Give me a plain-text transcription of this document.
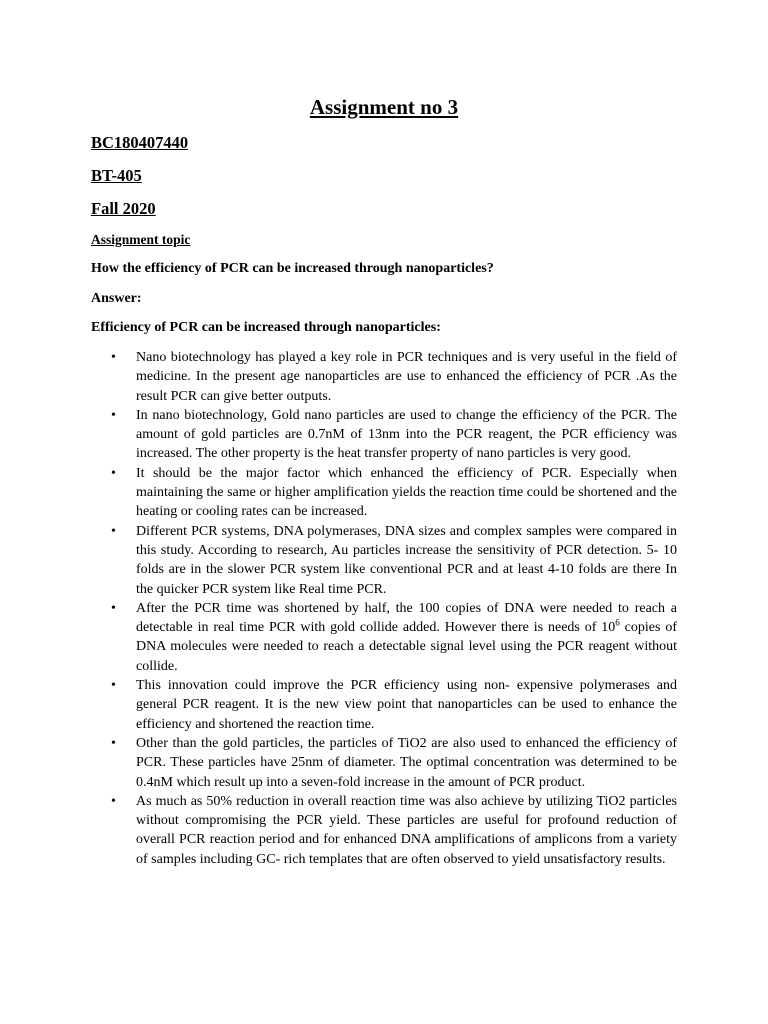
Assignment no 3
BC180407440
BT-405
Fall 2020
Assignment topic
How the efficiency of PCR can be increased through nanoparticles?
Answer:
Efficiency of PCR can be increased through nanoparticles:
• Nano biotechnology has played a key role in PCR techniques and is very useful in the field of medicine. In the present age nanoparticles are use to enhanced the efficiency of PCR .As the result PCR can give better outputs.
• In nano biotechnology, Gold nano particles are used to change the efficiency of the PCR. The amount of gold particles are 0.7nM of 13nm into the PCR reagent, the PCR efficiency was increased. The other property is the heat transfer property of nano particles is very good.
• It should be the major factor which enhanced the efficiency of PCR. Especially when maintaining the same or higher amplification yields the reaction time could be shortened and the heating or cooling rates can be increased.
• Different PCR systems, DNA polymerases, DNA sizes and complex samples were compared in this study. According to research, Au particles increase the sensitivity of PCR detection. 5- 10 folds are in the slower PCR system like conventional PCR and at least 4-10 folds are there In the quicker PCR system like Real time PCR.
• After the PCR time was shortened by half, the 100 copies of DNA were needed to reach a detectable in real time PCR with gold collide added. However there is needs of $10^6$ copies of DNA molecules were needed to reach a detectable signal level using the PCR reagent without collide.
• This innovation could improve the PCR efficiency using non- expensive polymerases and general PCR reagent. It is the new view point that nanoparticles can be used to enhance the efficiency and shortened the reaction time.
• Other than the gold particles, the particles of TiO2 are also used to enhanced the efficiency of PCR. These particles have 25nm of diameter. The optimal concentration was determined to be 0.4nM which result up into a seven-fold increase in the amount of PCR product.
• As much as 50% reduction in overall reaction time was also achieve by utilizing TiO2 particles without compromising the PCR yield. These particles are useful for profound reduction of overall PCR reaction period and for enhanced DNA amplifications of amplicons from a variety of samples including GC- rich templates that are often observed to yield unsatisfactory results.
